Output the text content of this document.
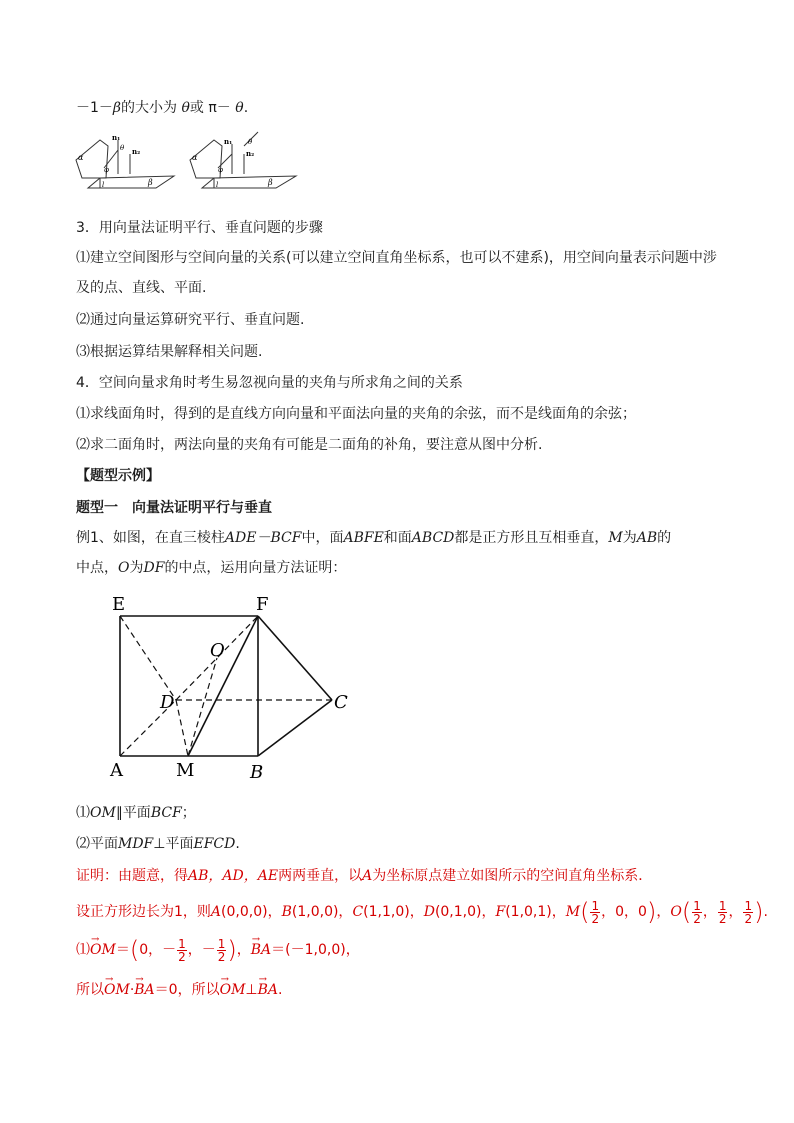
－1－β的大小为 θ或 π－ θ.
α
n₁
θ n₂
φ
β
l
α
n₁ θ
n₂
φ
β
l
3．用向量法证明平行、垂直问题的步骤
⑴建立空间图形与空间向量的关系(可以建立空间直角坐标系，也可以不建系)，用空间向量表示问题中涉
及的点、直线、平面.
⑵通过向量运算研究平行、垂直问题.
⑶根据运算结果解释相关问题.
4．空间向量求角时考生易忽视向量的夹角与所求角之间的关系
⑴求线面角时，得到的是直线方向向量和平面法向量的夹角的余弦，而不是线面角的余弦；
⑵求二面角时，两法向量的夹角有可能是二面角的补角，要注意从图中分析.
【题型示例】
题型一　向量法证明平行与垂直
例1、如图，在直三棱柱ADE－BCF中，面ABFE和面ABCD都是正方形且互相垂直，M为AB的
中点，O为DF的中点，运用向量方法证明：
E	F
O
D	C
A	M	B
⑴OM∥平面BCF；
⑵平面MDF⊥平面EFCD.
证明：由题意，得AB，AD，AE两两垂直，以A为坐标原点建立如图所示的空间直角坐标系．
设正方形边长为1，则A(0,0,0)，B(1,0,0)，C(1,1,0)，D(0,1,0)，F(1,0,1)，$M( \frac{1}{2}$ ，0，0)，$O( \frac{1}{2}$ ， $\frac{1}{2}$ ， $\frac{1}{2}$ ).
⑴→ OM＝(0，－ $\frac{1}{2}$ ，－ $\frac{1}{2}$ )，→ BA＝(－1,0,0)，
所以→ OM·→ BA＝0，所以→ OM⊥→ BA.
